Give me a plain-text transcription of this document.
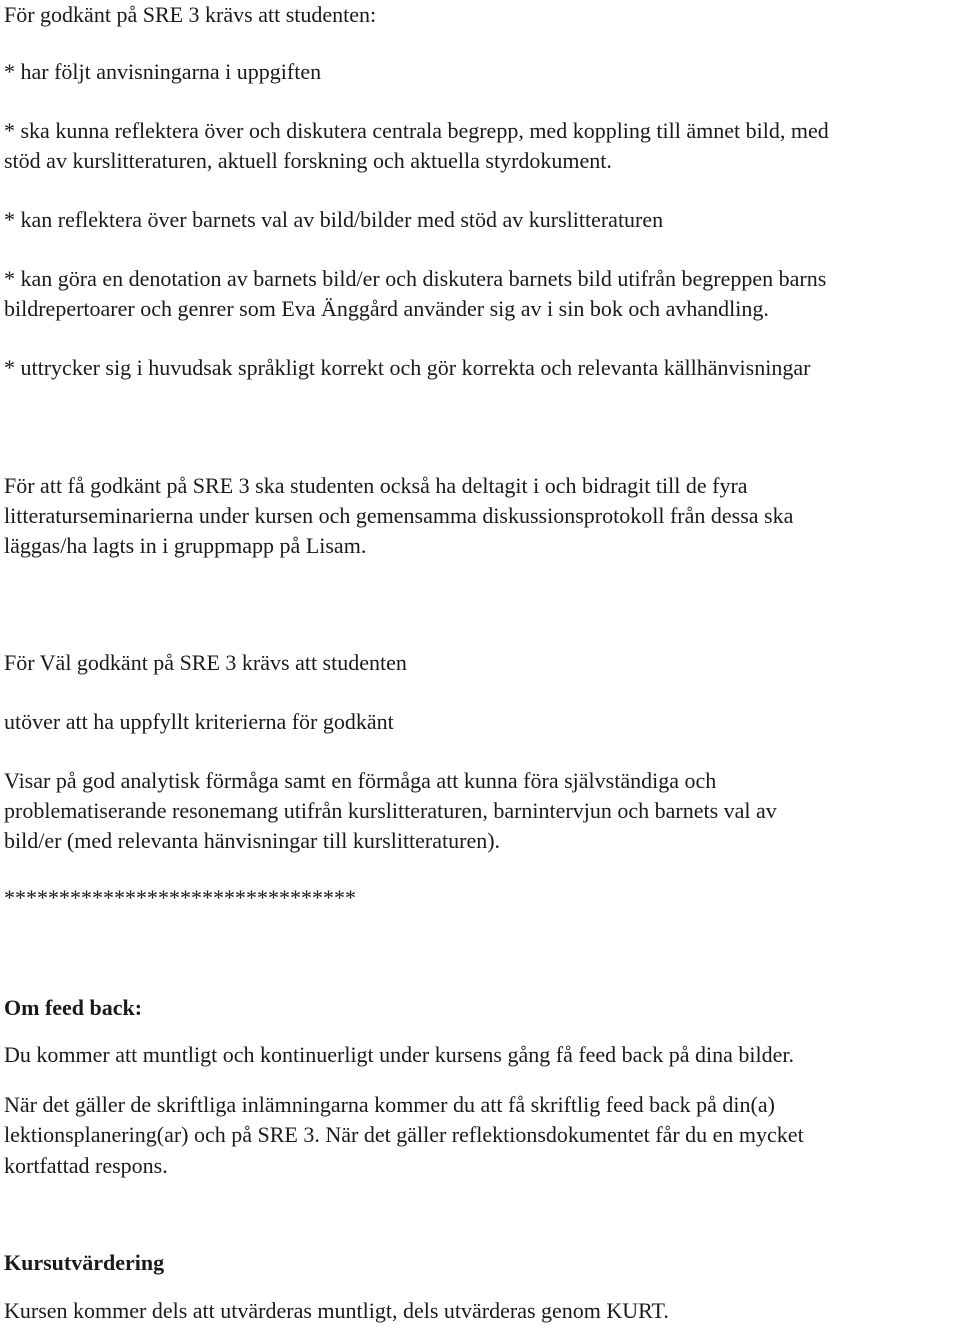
För godkänt på SRE 3 krävs att studenten:

* har följt anvisningarna i uppgiften

* ska kunna reflektera över och diskutera centrala begrepp, med koppling till ämnet bild, med

stöd av kurslitteraturen, aktuell forskning och aktuella styrdokument.

* kan reflektera över barnets val av bild/bilder med stöd av kurslitteraturen

* kan göra en denotation av barnets bild/er och diskutera barnets bild utifrån begreppen barns

bildrepertoarer och genrer som Eva Änggård använder sig av i sin bok och avhandling.

* uttrycker sig i huvudsak språkligt korrekt och gör korrekta och relevanta källhänvisningar

För att få godkänt på SRE 3 ska studenten också ha deltagit i och bidragit till de fyra

litteraturseminarierna under kursen och gemensamma diskussionsprotokoll från dessa ska

läggas/ha lagts in i gruppmapp på Lisam.

För Väl godkänt på SRE 3 krävs att studenten

utöver att ha uppfyllt kriterierna för godkänt

Visar på god analytisk förmåga samt en förmåga att kunna föra självständiga och

problematiserande resonemang utifrån kurslitteraturen, barnintervjun och barnets val av

bild/er (med relevanta hänvisningar till kurslitteraturen).

********************************

Om feed back:

Du kommer att muntligt och kontinuerligt under kursens gång få feed back på dina bilder.

När det gäller de skriftliga inlämningarna kommer du att få skriftlig feed back på din(a)

lektionsplanering(ar) och på SRE 3. När det gäller reflektionsdokumentet får du en mycket

kortfattad respons.

Kursutvärdering

Kursen kommer dels att utvärderas muntligt, dels utvärderas genom KURT.
